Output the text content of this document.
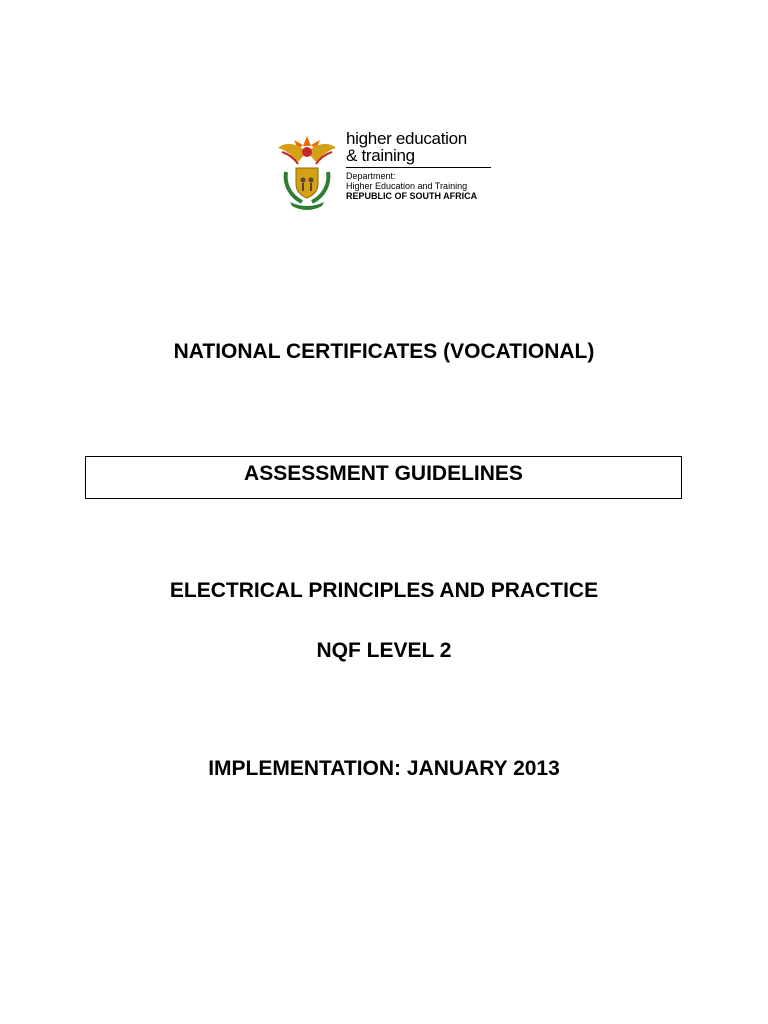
higher education
& training
Department:
Higher Education and Training
REPUBLIC OF SOUTH AFRICA
NATIONAL CERTIFICATES (VOCATIONAL)
ASSESSMENT GUIDELINES
ELECTRICAL PRINCIPLES AND PRACTICE
NQF LEVEL 2
IMPLEMENTATION: JANUARY 2013
